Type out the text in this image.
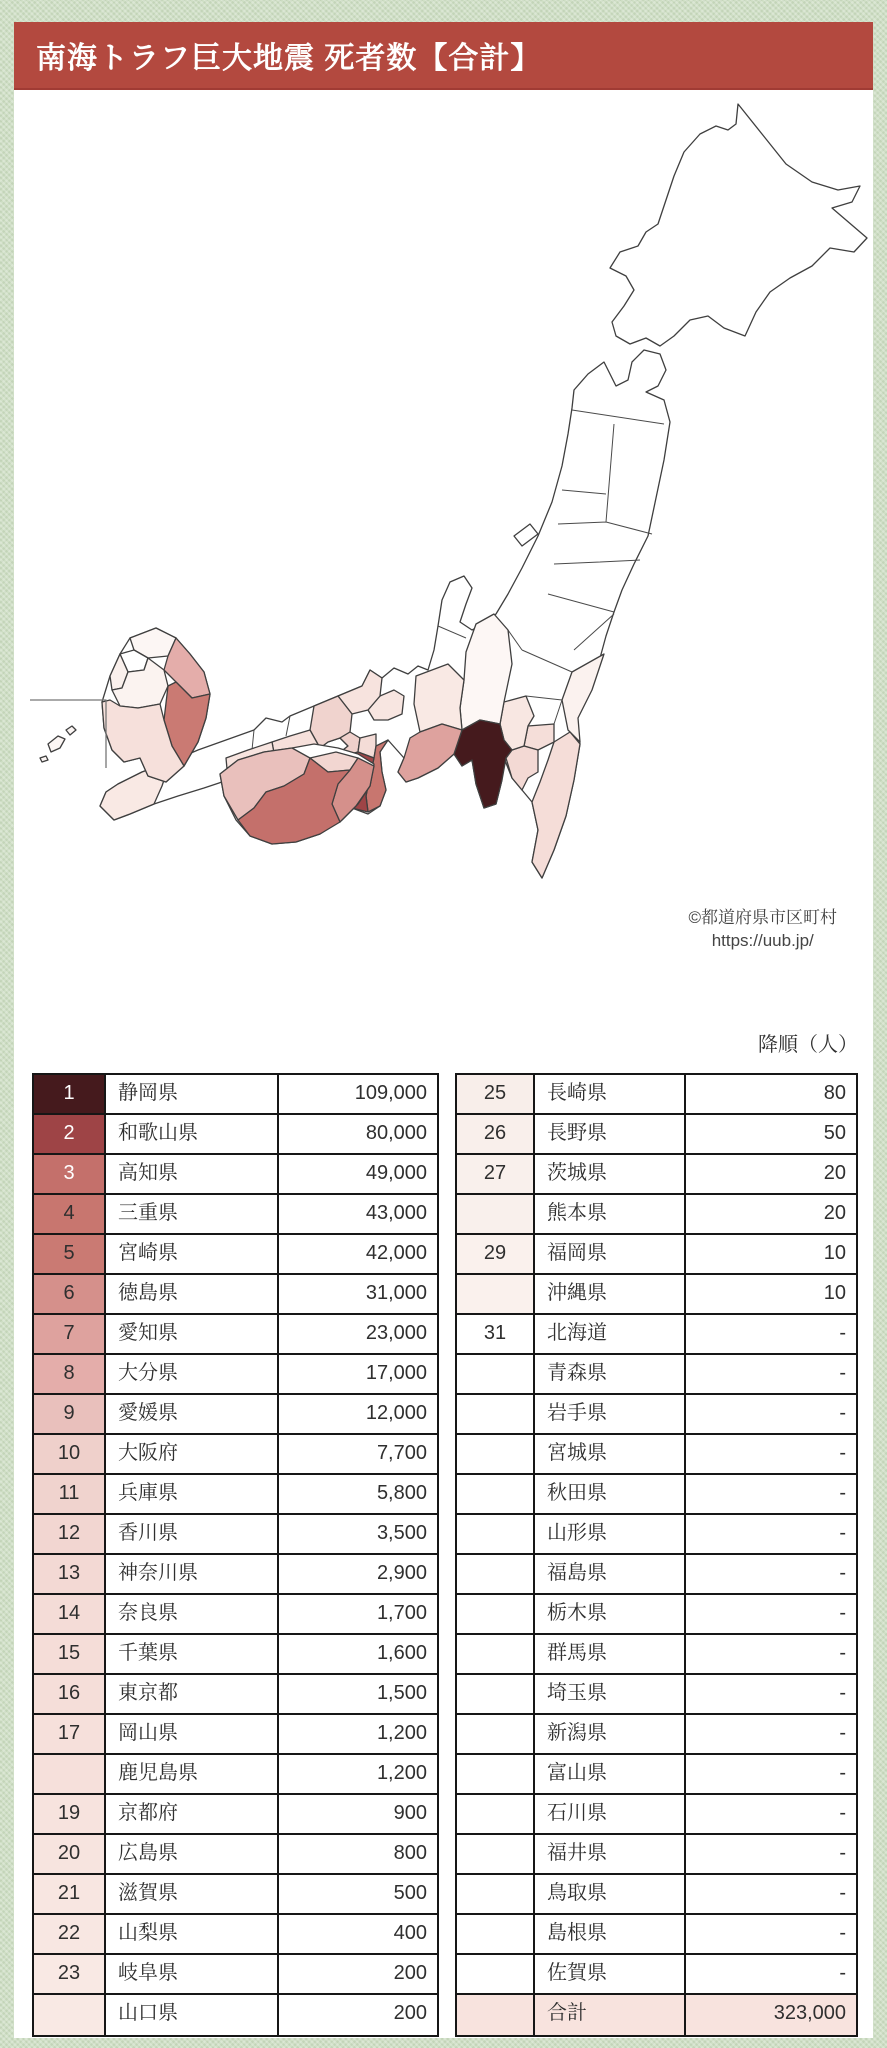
南海トラフ巨大地震 死者数【合計】
©都道府県市区町村
https://uub.jp/
降順（人）
1	静岡県	109,000
2	和歌山県	80,000
3	高知県	49,000
4	三重県	43,000
5	宮崎県	42,000
6	徳島県	31,000
7	愛知県	23,000
8	大分県	17,000
9	愛媛県	12,000
10	大阪府	7,700
11	兵庫県	5,800
12	香川県	3,500
13	神奈川県	2,900
14	奈良県	1,700
15	千葉県	1,600
16	東京都	1,500
17	岡山県	1,200
鹿児島県	1,200
19	京都府	900
20	広島県	800
21	滋賀県	500
22	山梨県	400
23	岐阜県	200
山口県	200
25	長崎県	80
26	長野県	50
27	茨城県	20
熊本県	20
29	福岡県	10
沖縄県	10
31	北海道	-
青森県	-
岩手県	-
宮城県	-
秋田県	-
山形県	-
福島県	-
栃木県	-
群馬県	-
埼玉県	-
新潟県	-
富山県	-
石川県	-
福井県	-
鳥取県	-
島根県	-
佐賀県	-
合計	323,000
